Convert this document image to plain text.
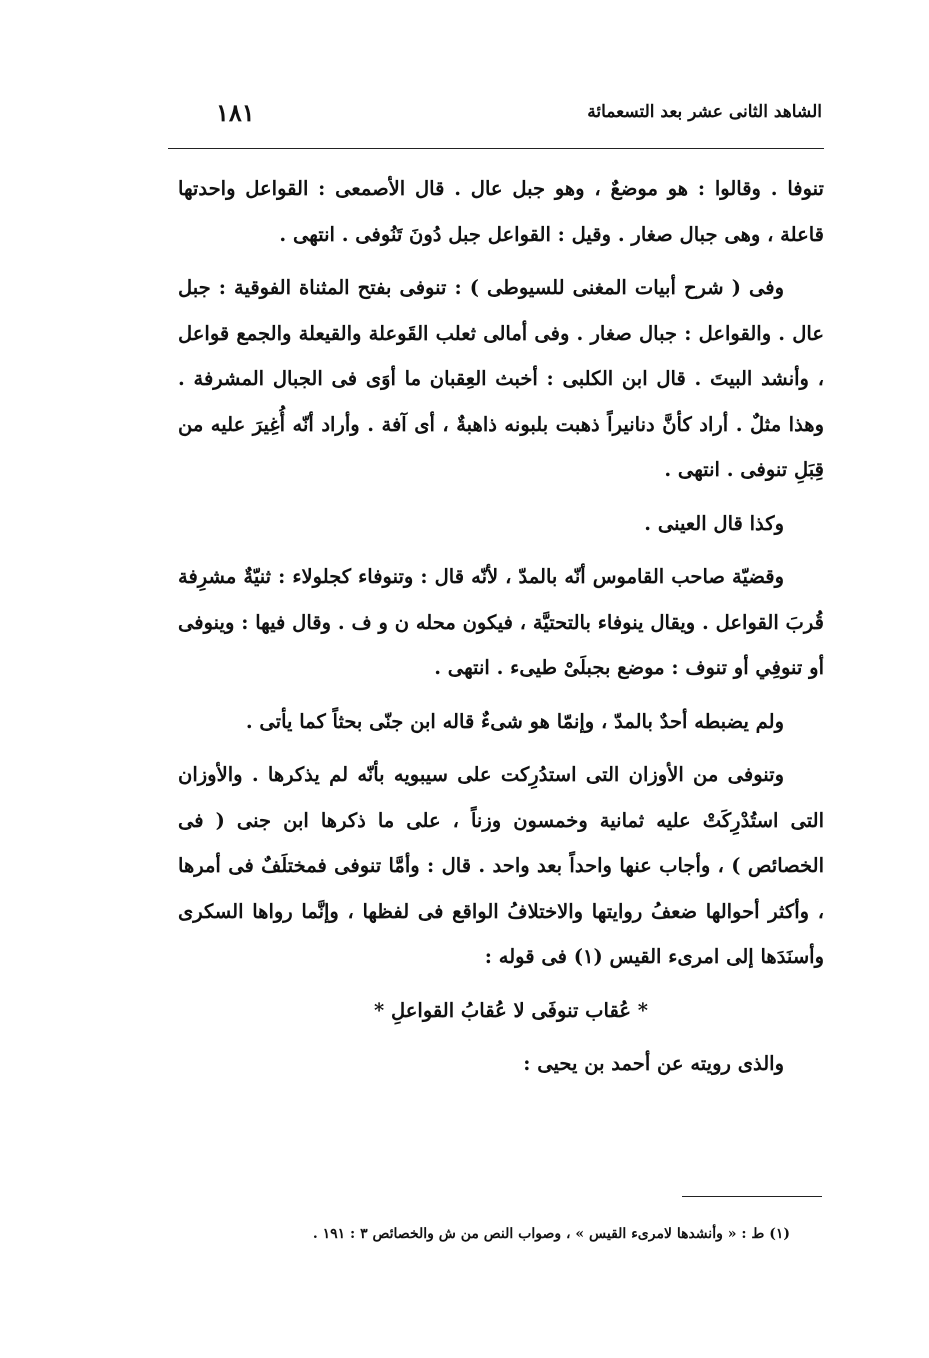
الشاهد الثانى عشر بعد التسعمائة
١٨١

تنوفا . وقالوا : هو موضعٌ ، وهو جبل عال . قال الأصمعى : القواعل واحدتها قاعلة ، وهى جبال صغار . وقيل : القواعل جبل دُونَ تَنُوفى . انتهى .

وفى ( شرح أبيات المغنى للسيوطى ) : تنوفى بفتح المثناة الفوقية : جبل عال . والقواعل : جبال صغار . وفى أمالى ثعلب القَوعلة والقيعلة والجمع قواعل ، وأنشد البيتَ . قال ابن الكلبى : أخبث العِقبان ما أوَى فى الجبال المشرفة . وهذا مثلٌ . أراد كأنَّ دنانيراً ذهبت بلبونه ذاهبةٌ ، أى آفة . وأراد أنّه أُغِيرَ عليه من قِبَلِ تنوفى . انتهى .

وكذا قال العينى .

وقضيّة صاحب القاموس أنّه بالمدّ ، لأنّه قال : وتنوفاء كجلولاء : ثنيّةٌ مشرِفة قُربَ القواعل . ويقال ينوفاء بالتحتيَّة ، فيكون محله ن و ف . وقال فيها : وينوفى أو تنوفِي أو تنوف : موضع بجبلَىْ طيىء . انتهى .

ولم يضبطه أحدٌ بالمدّ ، وإنمّا هو شىءٌ قاله ابن جنّى بحثاً كما يأتى .

وتنوفى من الأوزان التى استدُرِكت على سيبويه بأنّه لم يذكرها . والأوزان التى استُدْرِكَتْ عليه ثمانية وخمسون وزناً ، على ما ذكرها ابن جنى ( فى الخصائص ) ، وأجاب عنها واحداً بعد واحد . قال : وأمَّا تنوفى فمختلَفٌ فى أمرها ، وأكثر أحوالها ضعفُ روايتها والاختلافُ الواقع فى لفظها ، وإنَّما رواها السكرى وأسنَدَها إلى امرىء القيس (١) فى قوله :

* عُقاب تنوفَى لا عُقابُ القواعلِ *

والذى رويته عن أحمد بن يحيى :

(١) ط : « وأنشدها لامرىء القيس » ، وصواب النص من ش والخصائص ٣ : ١٩١ .
